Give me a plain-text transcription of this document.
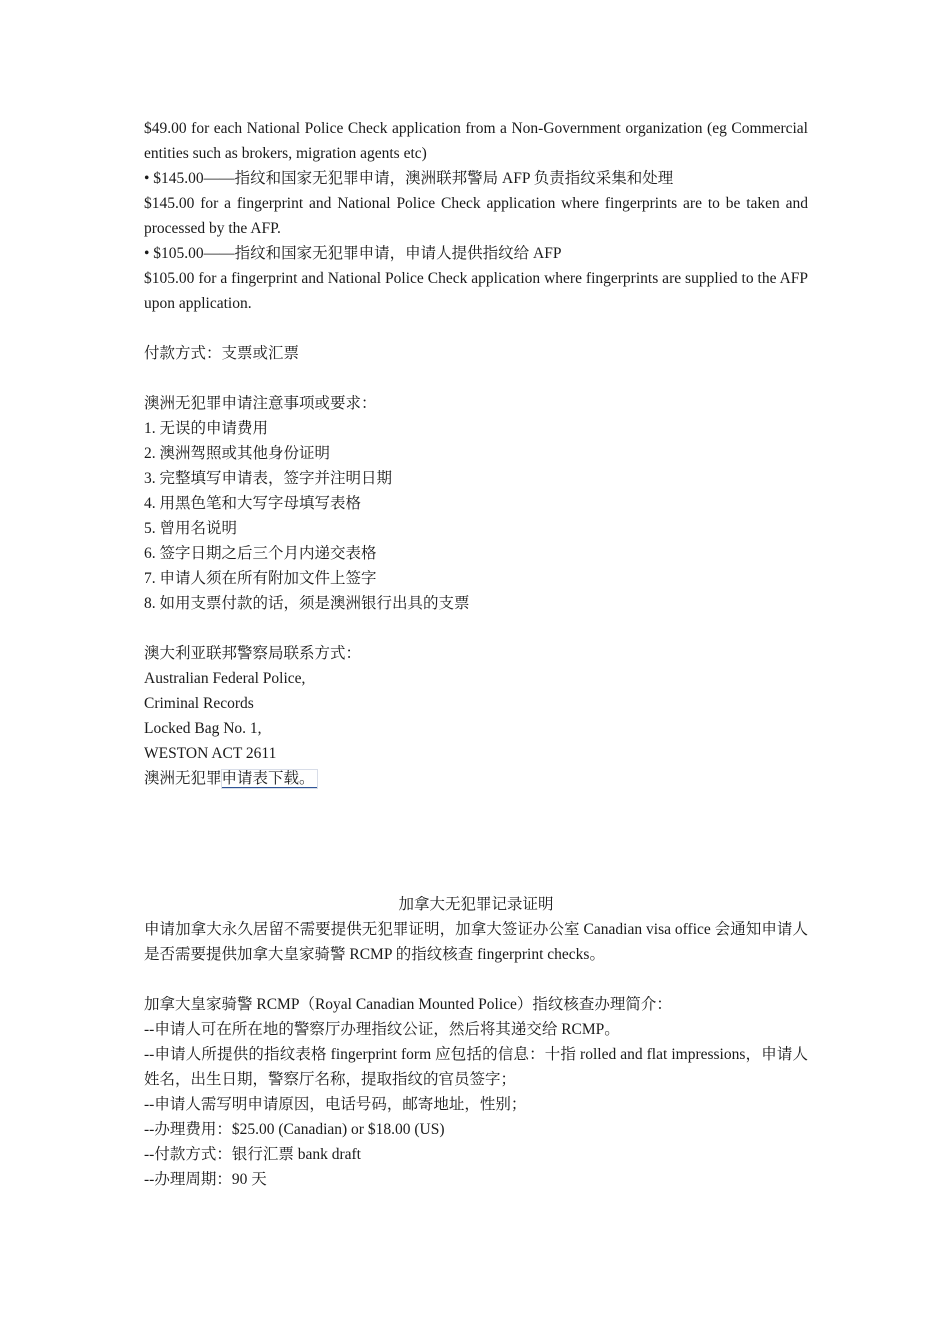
$49.00 for each National Police Check application from a Non-Government organization (eg Commercial entities such as brokers, migration agents etc)
• $145.00——指纹和国家无犯罪申请，澳洲联邦警局 AFP 负责指纹采集和处理
$145.00 for a fingerprint and National Police Check application where fingerprints are to be taken and processed by the AFP.
• $105.00——指纹和国家无犯罪申请，申请人提供指纹给 AFP
$105.00 for a fingerprint and National Police Check application where fingerprints are supplied to the AFP upon application.
付款方式：支票或汇票
澳洲无犯罪申请注意事项或要求：
1. 无误的申请费用
2. 澳洲驾照或其他身份证明
3. 完整填写申请表，签字并注明日期
4. 用黑色笔和大写字母填写表格
5. 曾用名说明
6. 签字日期之后三个月内递交表格
7. 申请人须在所有附加文件上签字
8. 如用支票付款的话，须是澳洲银行出具的支票
澳大利亚联邦警察局联系方式：
Australian Federal Police,
Criminal Records
Locked Bag No. 1,
WESTON ACT 2611
澳洲无犯罪申请表下载。
加拿大无犯罪记录证明
申请加拿大永久居留不需要提供无犯罪证明，加拿大签证办公室 Canadian visa office 会通知申请人是否需要提供加拿大皇家骑警 RCMP 的指纹核查 fingerprint checks。
加拿大皇家骑警 RCMP（Royal Canadian Mounted Police）指纹核查办理简介：
--申请人可在所在地的警察厅办理指纹公证，然后将其递交给 RCMP。
--申请人所提供的指纹表格 fingerprint form 应包括的信息：十指 rolled and flat impressions，申请人姓名，出生日期，警察厅名称，提取指纹的官员签字；
--申请人需写明申请原因，电话号码，邮寄地址，性别；
--办理费用：$25.00 (Canadian) or $18.00 (US)
--付款方式：银行汇票 bank draft
--办理周期：90 天
